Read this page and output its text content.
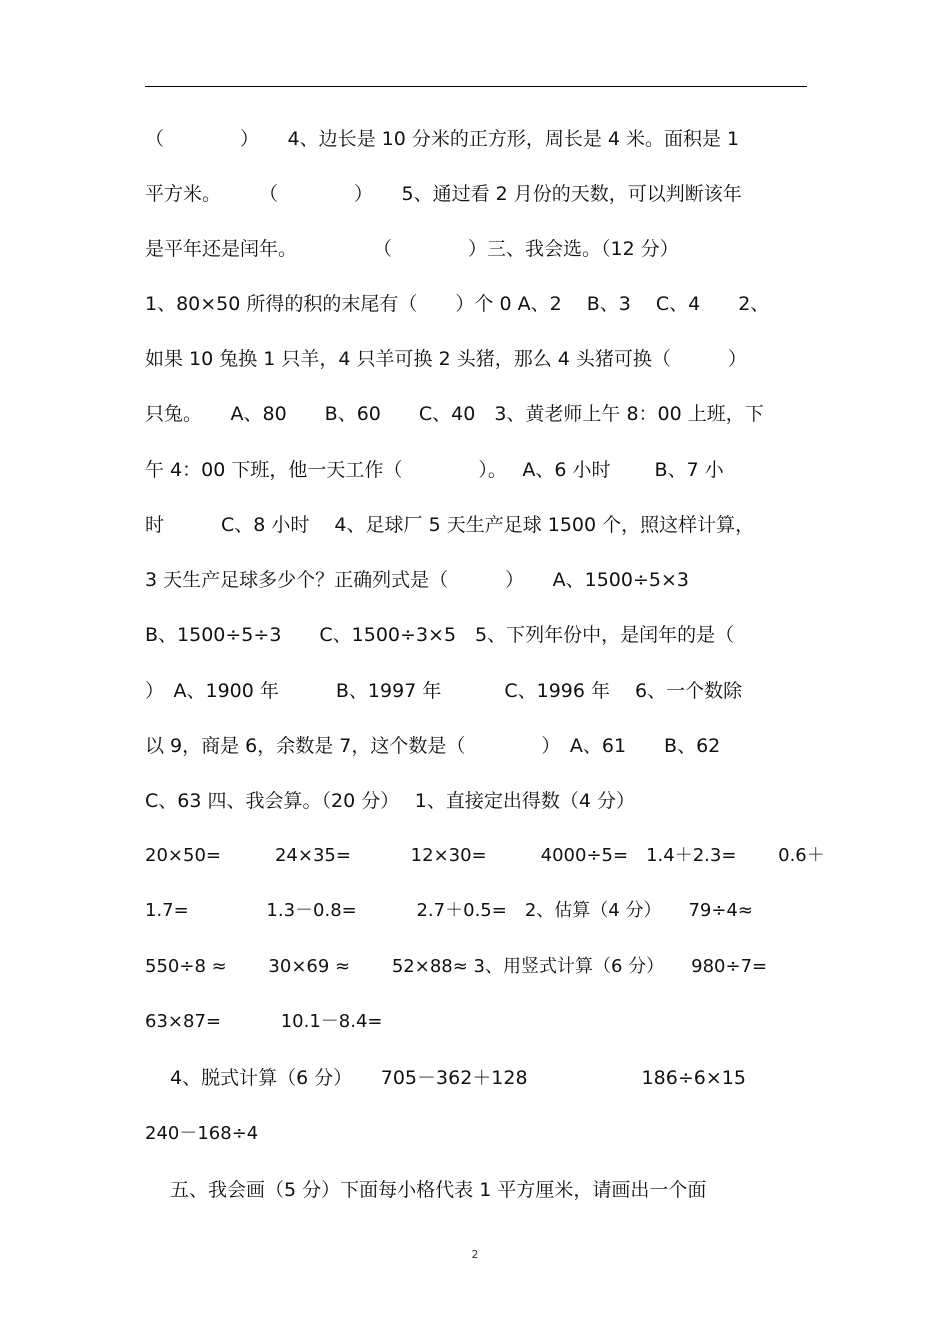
（　　　　）　　4、边长是 10 分米的正方形，周长是 4 米。面积是 1
平方米。　　　（　　　　）　　5、通过看 2 月份的天数，可以判断该年
是平年还是闰年。　　　　　（　　　　）三、我会选。（12 分）
1、80×50 所得的积的末尾有（　　）个 0 A、2　 B、3　 C、4　　2、
如果 10 兔换 1 只羊，4 只羊可换 2 头猪，那么 4 头猪可换（　　　）
只兔。　　A、80　　B、60　　C、40　3、黄老师上午 8：00 上班，下
午 4：00 下班，他一天工作（　　　　）。　 A、6 小时　　 B、7 小
时　　　C、8 小时　 4、足球厂 5 天生产足球 1500 个，照这样计算，
3 天生产足球多少个？正确列式是（　　　）　　A、1500÷5×3
B、1500÷5÷3　　C、1500÷3×5　5、下列年份中，是闰年的是（
）　A、1900 年　　　B、1997 年　　　 C、1996 年　 6、一个数除
以 9，商是 6，余数是 7，这个数是（　　　　）　A、61　　B、62
C、63 四、我会算。（20 分）　 1、直接定出得数（4 分）
20×50=　　　24×35=　　　 12×30=　　　4000÷5=　1.4＋2.3=　　 0.6＋
1.7=　　　　 1.3－0.8=　　　 2.7＋0.5=　2、估算（4 分）　　79÷4≈
550÷8 ≈　　 30×69 ≈　　 52×88≈ 3、用竖式计算（6 分）　　980÷7=
63×87=　　　 10.1－8.4=
　 4、脱式计算（6 分）　　705－362＋128　　　　　　186÷6×15
240－168÷4
　 五、我会画（5 分）下面每小格代表 1 平方厘米，请画出一个面
2
